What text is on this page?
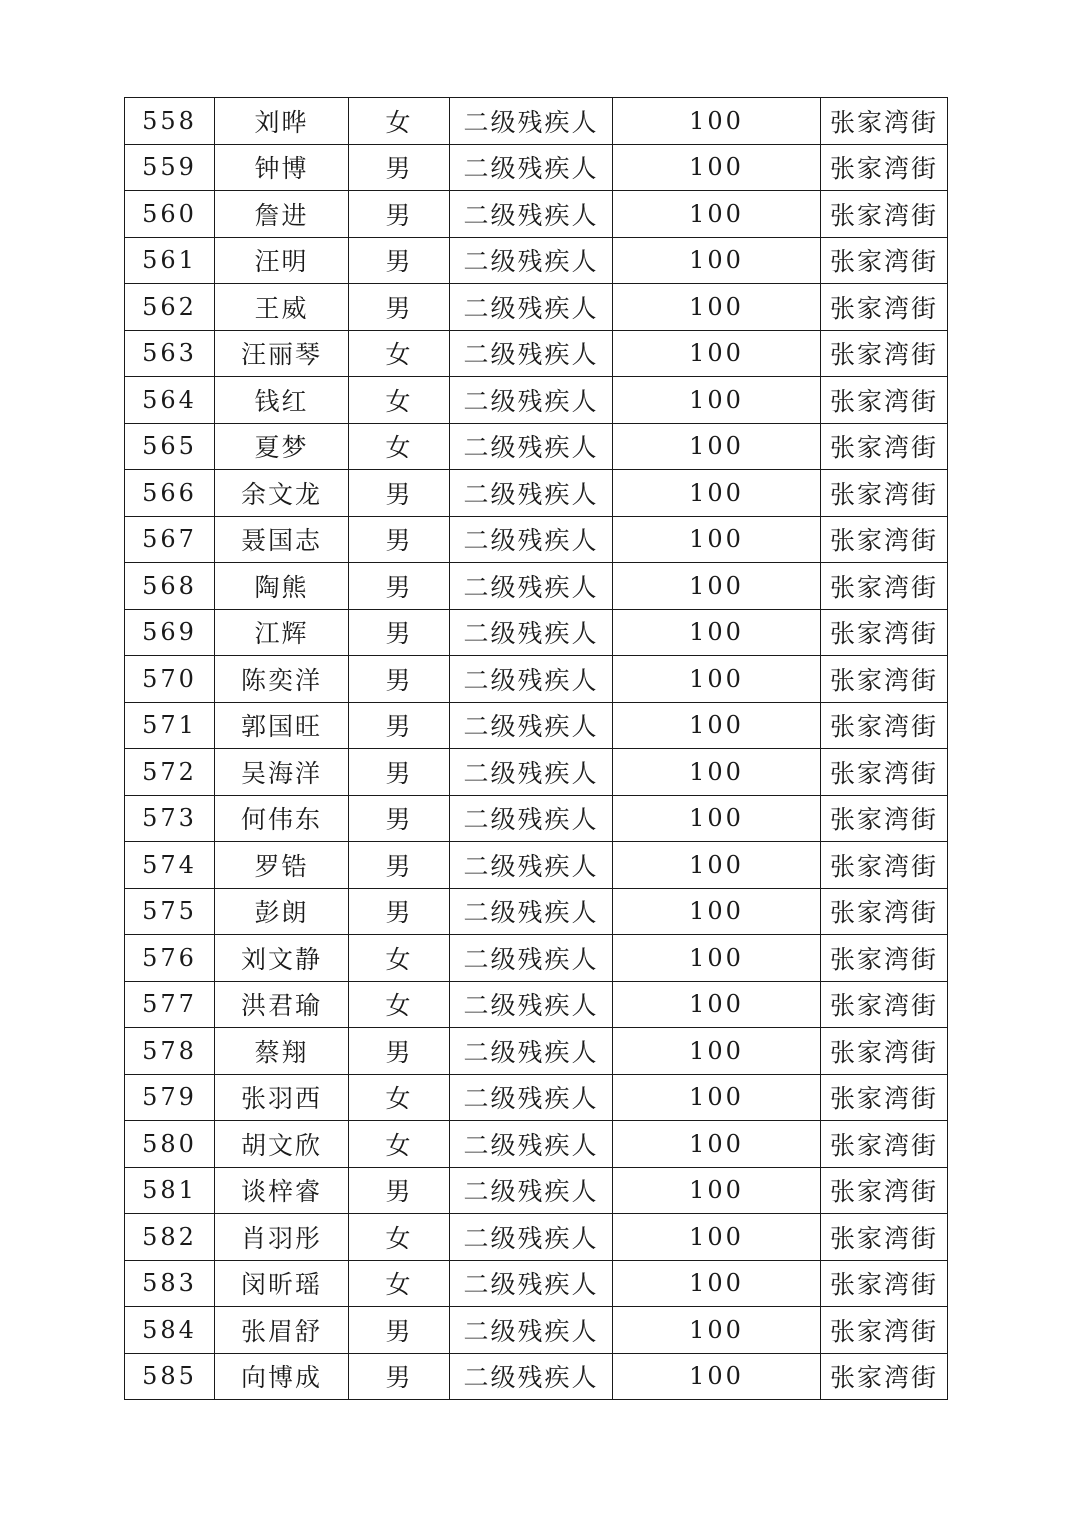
558	刘晔	女	二级残疾人	100	张家湾街
559	钟博	男	二级残疾人	100	张家湾街
560	詹进	男	二级残疾人	100	张家湾街
561	汪明	男	二级残疾人	100	张家湾街
562	王威	男	二级残疾人	100	张家湾街
563	汪丽琴	女	二级残疾人	100	张家湾街
564	钱红	女	二级残疾人	100	张家湾街
565	夏梦	女	二级残疾人	100	张家湾街
566	余文龙	男	二级残疾人	100	张家湾街
567	聂国志	男	二级残疾人	100	张家湾街
568	陶熊	男	二级残疾人	100	张家湾街
569	江辉	男	二级残疾人	100	张家湾街
570	陈奕洋	男	二级残疾人	100	张家湾街
571	郭国旺	男	二级残疾人	100	张家湾街
572	吴海洋	男	二级残疾人	100	张家湾街
573	何伟东	男	二级残疾人	100	张家湾街
574	罗锆	男	二级残疾人	100	张家湾街
575	彭朗	男	二级残疾人	100	张家湾街
576	刘文静	女	二级残疾人	100	张家湾街
577	洪君瑜	女	二级残疾人	100	张家湾街
578	蔡翔	男	二级残疾人	100	张家湾街
579	张羽西	女	二级残疾人	100	张家湾街
580	胡文欣	女	二级残疾人	100	张家湾街
581	谈梓睿	男	二级残疾人	100	张家湾街
582	肖羽彤	女	二级残疾人	100	张家湾街
583	闵昕瑶	女	二级残疾人	100	张家湾街
584	张眉舒	男	二级残疾人	100	张家湾街
585	向博成	男	二级残疾人	100	张家湾街
